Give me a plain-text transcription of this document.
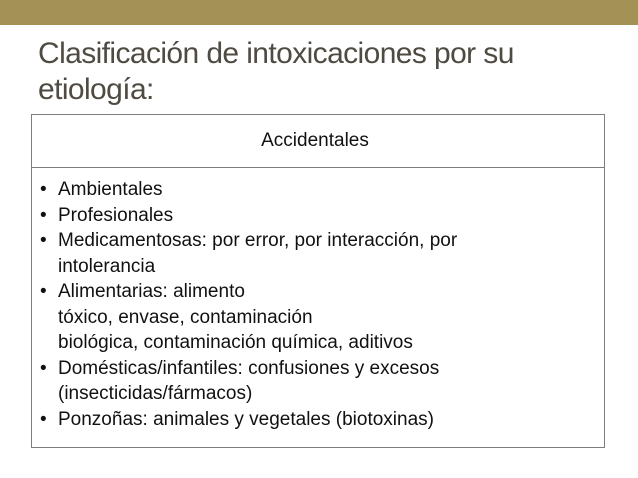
Clasificación de intoxicaciones por su etiología:
Accidentales
• Ambientales
• Profesionales
• Medicamentosas: por error, por interacción, por
intolerancia
• Alimentarias: alimento
tóxico, envase, contaminación
biológica, contaminación química, aditivos
• Domésticas/infantiles: confusiones y excesos
(insecticidas/fármacos)
• Ponzoñas: animales y vegetales (biotoxinas)
